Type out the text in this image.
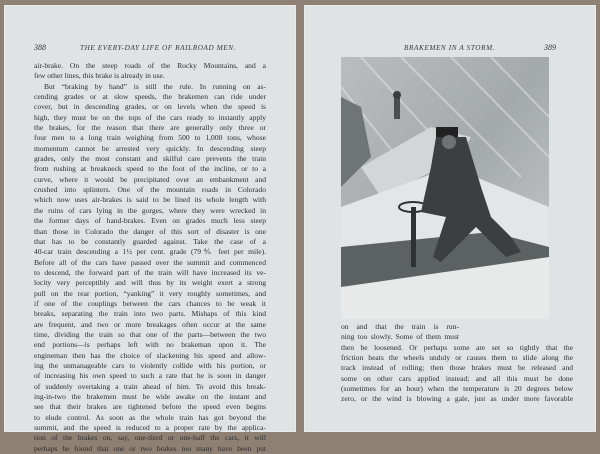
388	THE EVERY-DAY LIFE OF RAILROAD MEN.
air-brake. On the steep roads of the Rocky Mountains, and a
few other lines, this brake is already in use.
But “braking by hand” is still the rule. In running on as-
cending grades or at slow speeds, the brakemen can ride under
cover, but in descending grades, or on levels when the speed is
high, they must be on the tops of the cars ready to instantly apply
the brakes, for the reason that there are generally only three or
four men to a long train weighing from 500 to 1,000 tons, whose
momentum cannot be arrested very quickly. In descending steep
grades, only the most constant and skilful care prevents the train
from rushing at breakneck speed to the foot of the incline, or to a
curve, where it would be precipitated over an embankment and
crushed into splinters. One of the mountain roads in Colorado
which now uses air-brakes is said to be lined its whole length with
the ruins of cars lying in the gorges, where they were wrecked in
the former days of hand-brakes. Even on grades much less steep
than those in Colorado the danger of this sort of disaster is one
that has to be constantly guarded against. Take the case of a
40-car train descending a 1½ per cent. grade (79⅘ feet per mile).
Before all of the cars have passed over the summit and commenced
to descend, the forward part of the train will have increased its ve-
locity very perceptibly and will thus by its weight exert a strong
pull on the rear portion, “yanking” it very roughly sometimes, and
if one of the couplings between the cars chances to be weak it
breaks, separating the train into two parts. Mishaps of this kind
are frequent, and two or more breakages often occur at the same
time, dividing the train so that one of the parts—between the two
end portions—is perhaps left with no brakeman upon it. The
engineman then has the choice of slackening his speed and allow-
ing the unmanageable cars to violently collide with his portion, or
of increasing his own speed to such a rate that he is soon in danger
of suddenly overtaking a train ahead of him. To avoid this break-
ing-in-two the brakemen must be wide awake on the instant and
see that their brakes are tightened before the speed even begins
to elude control. As soon as the whole train has got beyond the
summit, and the speed is reduced to a proper rate by the applica-
tion of the brakes on, say, one-third or one-half the cars, it will
perhaps be found that one or two brakes too many have been put
BRAKEMEN IN A STORM.	389
on and that the train is run-
ning too slowly. Some of them must
then be loosened. Or perhaps some are set so tightly that the
friction heats the wheels unduly or causes them to slide along the
track instead of rolling; then those brakes must be released and
some on other cars applied instead; and all this must be done
(sometimes for an hour) when the temperature is 20 degrees below
zero, or the wind is blowing a gale, just as under more favorable
